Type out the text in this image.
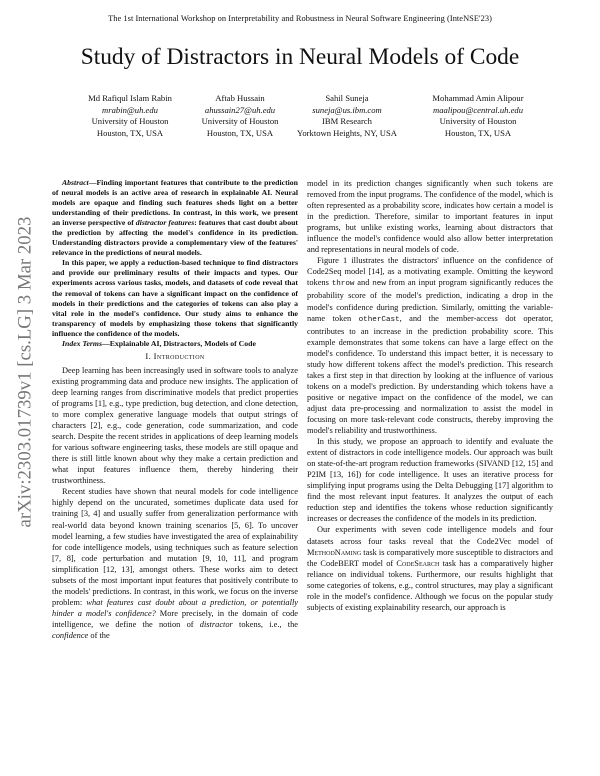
The 1st International Workshop on Interpretability and Robustness in Neural Software Engineering (InteNSE'23)
Study of Distractors in Neural Models of Code
Md Rafiqul Islam Rabin
mrabin@uh.edu
University of Houston
Houston, TX, USA
Aftab Hussain
ahussain27@uh.edu
University of Houston
Houston, TX, USA
Sahil Suneja
suneja@us.ibm.com
IBM Research
Yorktown Heights, NY, USA
Mohammad Amin Alipour
maalipou@central.uh.edu
University of Houston
Houston, TX, USA
arXiv:2303.01739v1 [cs.LG] 3 Mar 2023

Abstract—Finding important features that contribute to the prediction of neural models is an active area of research in explainable AI. Neural models are opaque and finding such features sheds light on a better understanding of their predictions. In contrast, in this work, we present an inverse perspective of distractor features: features that cast doubt about the prediction by affecting the model's confidence in its prediction. Understanding distractors provide a complementary view of the features' relevance in the predictions of neural models.

In this paper, we apply a reduction-based technique to find distractors and provide our preliminary results of their impacts and types. Our experiments across various tasks, models, and datasets of code reveal that the removal of tokens can have a significant impact on the confidence of models in their predictions and the categories of tokens can also play a vital role in the model's confidence. Our study aims to enhance the transparency of models by emphasizing those tokens that significantly influence the confidence of the models.

Index Terms—Explainable AI, Distractors, Models of Code

I. Introduction

Deep learning has been increasingly used in software tools to analyze existing programming data and produce new insights. The application of deep learning ranges from discriminative models that predict properties of programs [1], e.g., type prediction, bug detection, and clone detection, to more complex generative language models that output strings of characters [2], e.g., code generation, code summarization, and code search. Despite the recent strides in applications of deep learning models for various software engineering tasks, these models are still opaque and there is still little known about why they make a certain prediction and what input features influence them, thereby hindering their trustworthiness.

Recent studies have shown that neural models for code intelligence highly depend on the uncurated, sometimes duplicate data used for training [3, 4] and usually suffer from generalization performance with real-world data beyond known training scenarios [5, 6]. To uncover model learning, a few studies have investigated the area of explainability for code intelligence models, using techniques such as feature selection [7, 8], code perturbation and mutation [9, 10, 11], and program simplification [12, 13], amongst others. These works aim to detect subsets of the most important input features that positively contribute to the models' predictions. In contrast, in this work, we focus on the inverse problem: what features cast doubt about a prediction, or potentially hinder a model's confidence? More precisely, in the domain of code intelligence, we define the notion of distractor tokens, i.e., the confidence of the

model in its prediction changes significantly when such tokens are removed from the input programs. The confidence of the model, which is often represented as a probability score, indicates how certain a model is in the prediction. Therefore, similar to important features in input programs, but unlike existing works, learning about distractors that influence the model's confidence would also allow better interpretation and representations in neural models of code.

Figure 1 illustrates the distractors' influence on the confidence of Code2Seq model [14], as a motivating example. Omitting the keyword tokens throw and new from an input program significantly reduces the probability score of the model's prediction, indicating a drop in the model's confidence during prediction. Similarly, omitting the variable-name token otherCast, and the member-access dot operator, contributes to an increase in the prediction probability score. This example demonstrates that some tokens can have a large effect on the model's confidence. To understand this impact better, it is necessary to study how different tokens affect the model's prediction. This research takes a first step in that direction by looking at the influence of various tokens on a model's prediction. By understanding which tokens have a positive or negative impact on the confidence of the model, we can adjust data pre-processing and normalization to assist the model in focusing on more task-relevant code constructs, thereby improving the model's reliability and trustworthiness.

In this study, we propose an approach to identify and evaluate the extent of distractors in code intelligence models. Our approach was built on state-of-the-art program reduction frameworks (SIVAND [12, 15] and P2IM [13, 16]) for code intelligence. It uses an iterative process for simplifying input programs using the Delta Debugging [17] algorithm to find the most relevant input features. It analyzes the output of each reduction step and identifies the tokens whose reduction significantly increases or decreases the confidence of the models in its prediction.

Our experiments with seven code intelligence models and four datasets across four tasks reveal that the Code2Vec model of MethodNaming task is comparatively more susceptible to distractors and the CodeBERT model of CodeSearch task has a comparatively higher reliance on individual tokens. Furthermore, our results highlight that some categories of tokens, e.g., control structures, may play a significant role in the model's confidence. Although we focus on the popular study subjects of existing explainability research, our approach is
